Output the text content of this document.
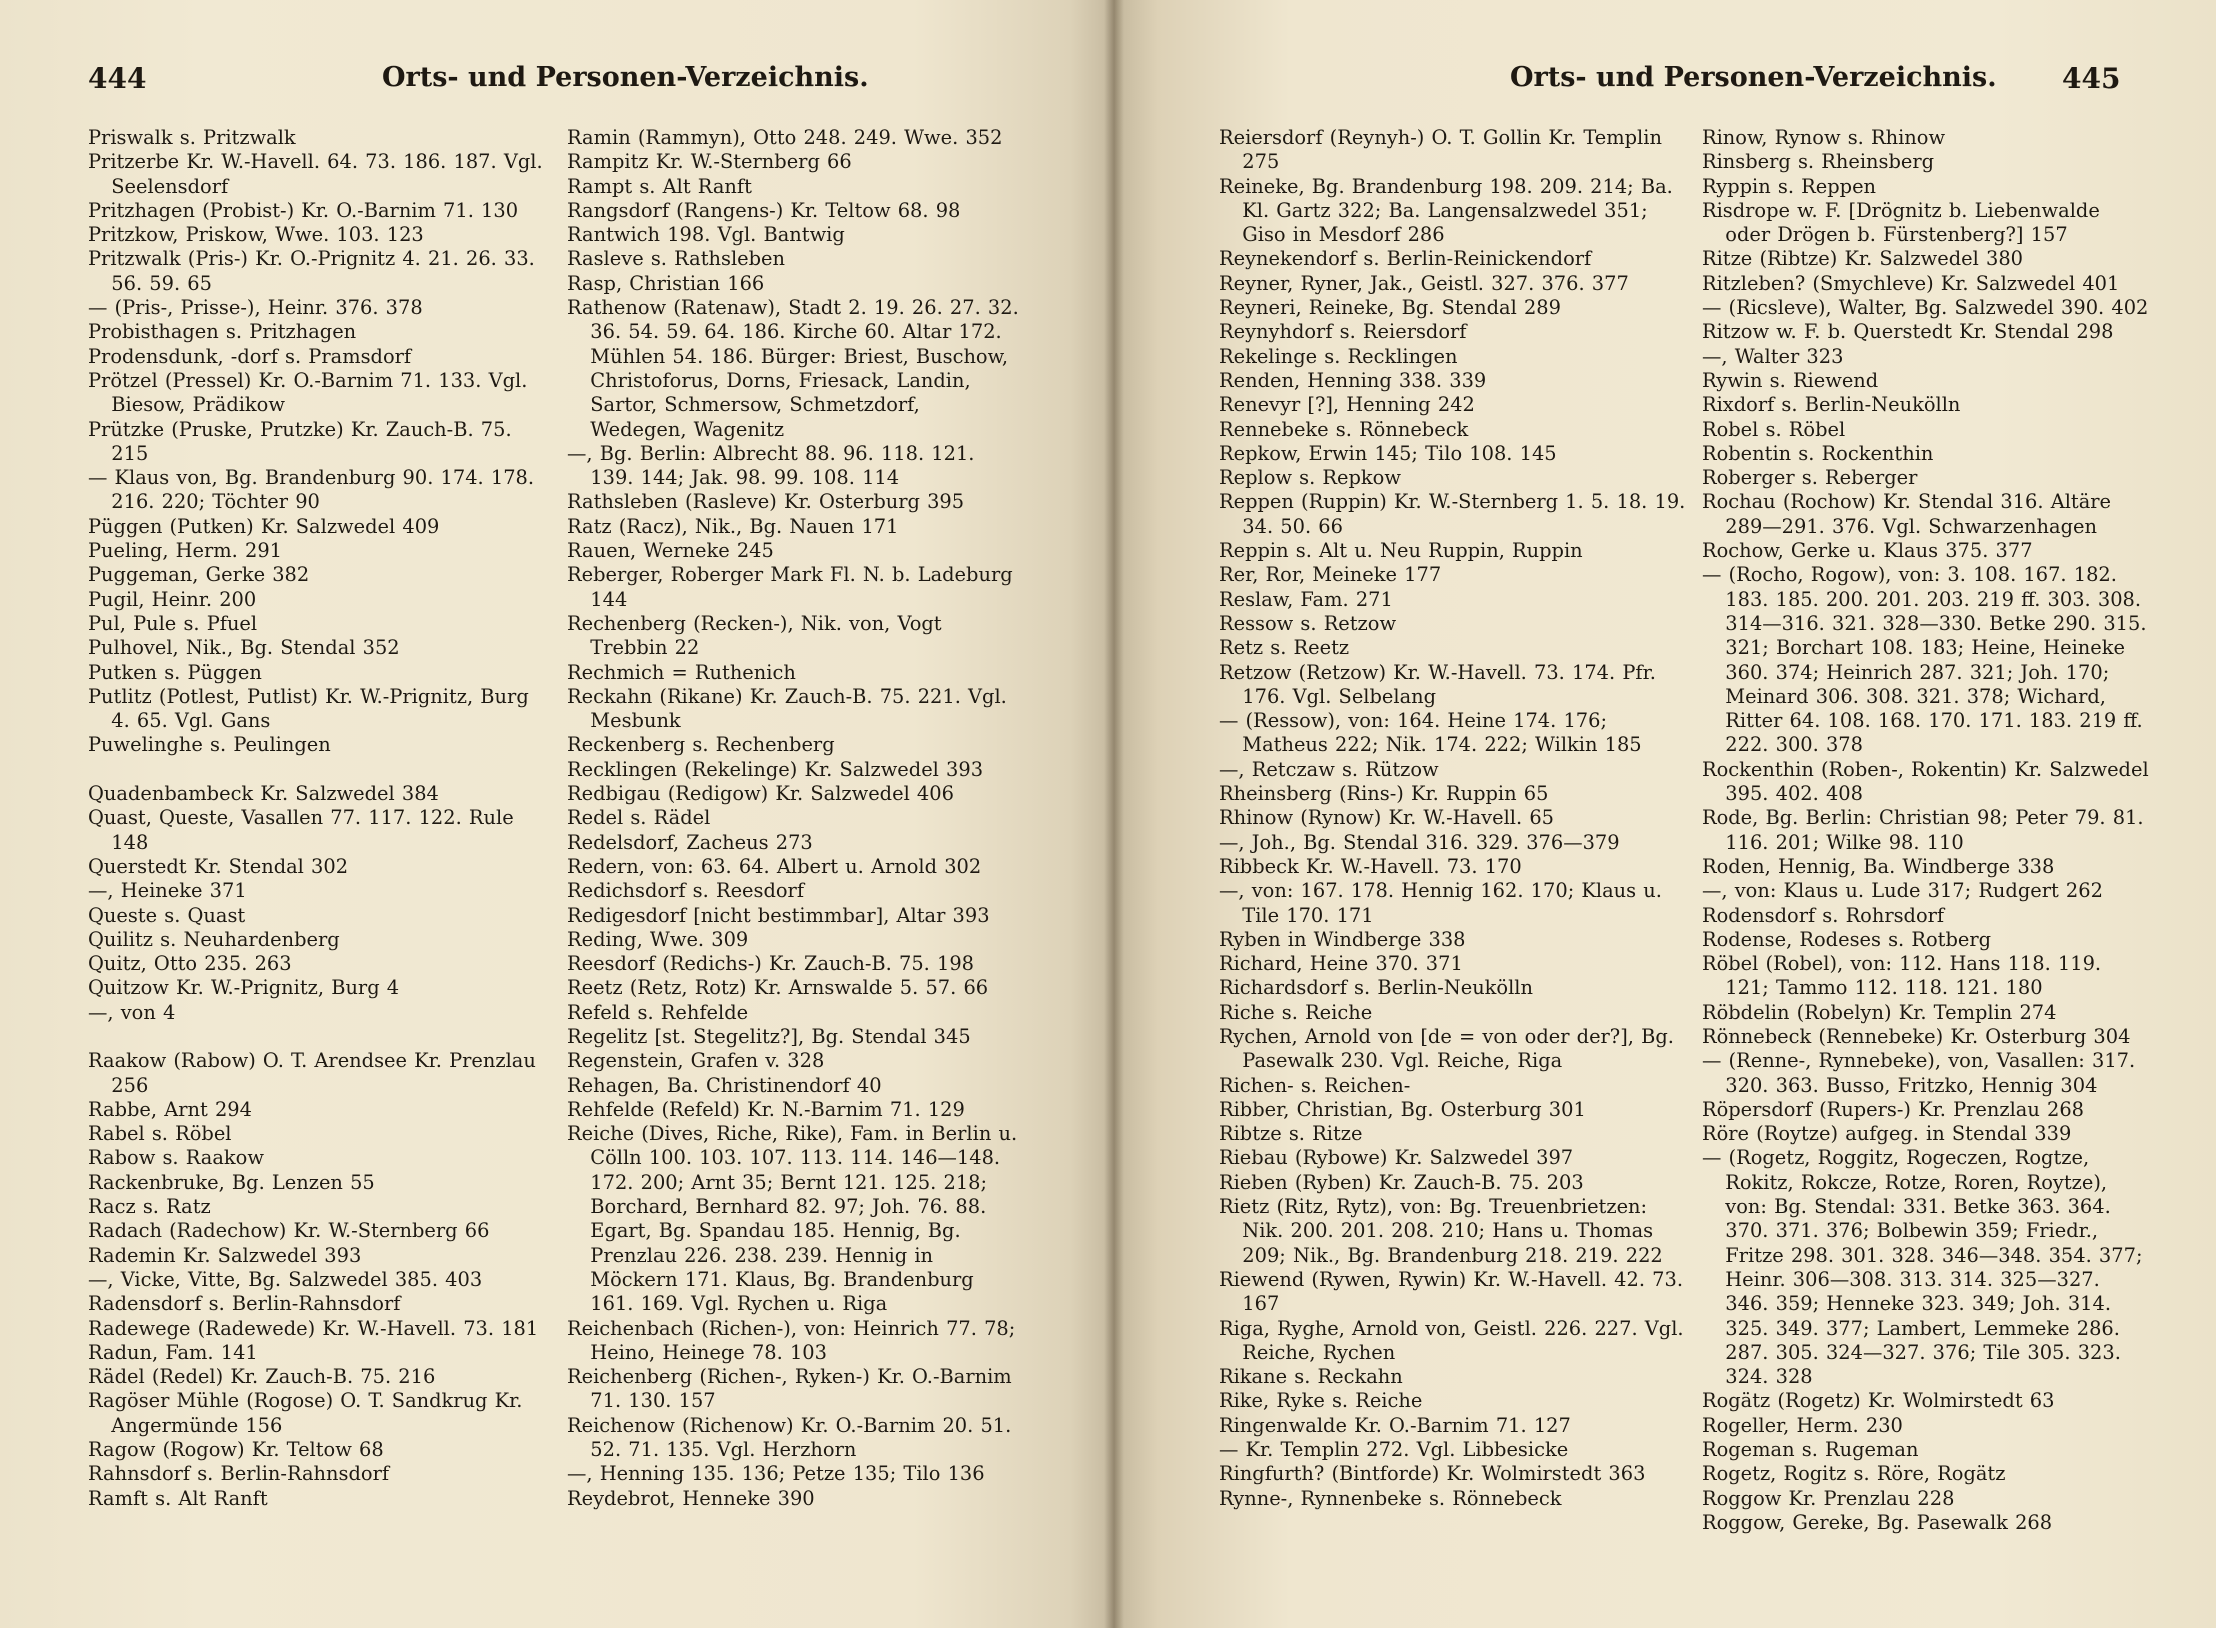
444	Orts- und Personen-Verzeichnis.
Priswalk s. Pritzwalk
Pritzerbe Kr. W.-Havell. 64. 73. 186. 187. Vgl. Seelensdorf
Pritzhagen (Probist-) Kr. O.-Barnim 71. 130
Pritzkow, Priskow, Wwe. 103. 123
Pritzwalk (Pris-) Kr. O.-Prignitz 4. 21. 26. 33. 56. 59. 65
— (Pris-, Prisse-), Heinr. 376. 378
Probisthagen s. Pritzhagen
Prodensdunk, -dorf s. Pramsdorf
Prötzel (Pressel) Kr. O.-Barnim 71. 133. Vgl. Biesow, Prädikow
Prützke (Pruske, Prutzke) Kr. Zauch-B. 75. 215
— Klaus von, Bg. Brandenburg 90. 174. 178. 216. 220; Töchter 90
Püggen (Putken) Kr. Salzwedel 409
Pueling, Herm. 291
Puggeman, Gerke 382
Pugil, Heinr. 200
Pul, Pule s. Pfuel
Pulhovel, Nik., Bg. Stendal 352
Putken s. Püggen
Putlitz (Potlest, Putlist) Kr. W.-Prignitz, Burg 4. 65. Vgl. Gans
Puwelinghe s. Peulingen
Quadenbambeck Kr. Salzwedel 384
Quast, Queste, Vasallen 77. 117. 122. Rule 148
Querstedt Kr. Stendal 302
—, Heineke 371
Queste s. Quast
Quilitz s. Neuhardenberg
Quitz, Otto 235. 263
Quitzow Kr. W.-Prignitz, Burg 4
—, von 4
Raakow (Rabow) O. T. Arendsee Kr. Prenzlau 256
Rabbe, Arnt 294
Rabel s. Röbel
Rabow s. Raakow
Rackenbruke, Bg. Lenzen 55
Racz s. Ratz
Radach (Radechow) Kr. W.-Sternberg 66
Rademin Kr. Salzwedel 393
—, Vicke, Vitte, Bg. Salzwedel 385. 403
Radensdorf s. Berlin-Rahnsdorf
Radewege (Radewede) Kr. W.-Havell. 73. 181
Radun, Fam. 141
Rädel (Redel) Kr. Zauch-B. 75. 216
Ragöser Mühle (Rogose) O. T. Sandkrug Kr. Angermünde 156
Ragow (Rogow) Kr. Teltow 68
Rahnsdorf s. Berlin-Rahnsdorf
Ramft s. Alt Ranft
Ramin (Rammyn), Otto 248. 249. Wwe. 352
Rampitz Kr. W.-Sternberg 66
Rampt s. Alt Ranft
Rangsdorf (Rangens-) Kr. Teltow 68. 98
Rantwich 198. Vgl. Bantwig
Rasleve s. Rathsleben
Rasp, Christian 166
Rathenow (Ratenaw), Stadt 2. 19. 26. 27. 32. 36. 54. 59. 64. 186. Kirche 60. Altar 172. Mühlen 54. 186. Bürger: Briest, Buschow, Christoforus, Dorns, Friesack, Landin, Sartor, Schmersow, Schmetzdorf, Wedegen, Wagenitz
—, Bg. Berlin: Albrecht 88. 96. 118. 121. 139. 144; Jak. 98. 99. 108. 114
Rathsleben (Rasleve) Kr. Osterburg 395
Ratz (Racz), Nik., Bg. Nauen 171
Rauen, Werneke 245
Reberger, Roberger Mark Fl. N. b. Ladeburg 144
Rechenberg (Recken-), Nik. von, Vogt Trebbin 22
Rechmich = Ruthenich
Reckahn (Rikane) Kr. Zauch-B. 75. 221. Vgl. Mesbunk
Reckenberg s. Rechenberg
Recklingen (Rekelinge) Kr. Salzwedel 393
Redbigau (Redigow) Kr. Salzwedel 406
Redel s. Rädel
Redelsdorf, Zacheus 273
Redern, von: 63. 64. Albert u. Arnold 302
Redichsdorf s. Reesdorf
Redigesdorf [nicht bestimmbar], Altar 393
Reding, Wwe. 309
Reesdorf (Redichs-) Kr. Zauch-B. 75. 198
Reetz (Retz, Rotz) Kr. Arnswalde 5. 57. 66
Refeld s. Rehfelde
Regelitz [st. Stegelitz?], Bg. Stendal 345
Regenstein, Grafen v. 328
Rehagen, Ba. Christinendorf 40
Rehfelde (Refeld) Kr. N.-Barnim 71. 129
Reiche (Dives, Riche, Rike), Fam. in Berlin u. Cölln 100. 103. 107. 113. 114. 146—148. 172. 200; Arnt 35; Bernt 121. 125. 218; Borchard, Bernhard 82. 97; Joh. 76. 88. Egart, Bg. Spandau 185. Hennig, Bg. Prenzlau 226. 238. 239. Hennig in Möckern 171. Klaus, Bg. Brandenburg 161. 169. Vgl. Rychen u. Riga
Reichenbach (Richen-), von: Heinrich 77. 78; Heino, Heinege 78. 103
Reichenberg (Richen-, Ryken-) Kr. O.-Barnim 71. 130. 157
Reichenow (Richenow) Kr. O.-Barnim 20. 51. 52. 71. 135. Vgl. Herzhorn
—, Henning 135. 136; Petze 135; Tilo 136
Reydebrot, Henneke 390
Orts- und Personen-Verzeichnis. 445
Reiersdorf (Reynyh-) O. T. Gollin Kr. Templin 275
Reineke, Bg. Brandenburg 198. 209. 214; Ba. Kl. Gartz 322; Ba. Langensalzwedel 351; Giso in Mesdorf 286
Reynekendorf s. Berlin-Reinickendorf
Reyner, Ryner, Jak., Geistl. 327. 376. 377
Reyneri, Reineke, Bg. Stendal 289
Reynyhdorf s. Reiersdorf
Rekelinge s. Recklingen
Renden, Henning 338. 339
Renevyr [?], Henning 242
Rennebeke s. Rönnebeck
Repkow, Erwin 145; Tilo 108. 145
Replow s. Repkow
Reppen (Ruppin) Kr. W.-Sternberg 1. 5. 18. 19. 34. 50. 66
Reppin s. Alt u. Neu Ruppin, Ruppin
Rer, Ror, Meineke 177
Reslaw, Fam. 271
Ressow s. Retzow
Retz s. Reetz
Retzow (Retzow) Kr. W.-Havell. 73. 174. Pfr. 176. Vgl. Selbelang
— (Ressow), von: 164. Heine 174. 176; Matheus 222; Nik. 174. 222; Wilkin 185
—, Retczaw s. Rützow
Rheinsberg (Rins-) Kr. Ruppin 65
Rhinow (Rynow) Kr. W.-Havell. 65
—, Joh., Bg. Stendal 316. 329. 376—379
Ribbeck Kr. W.-Havell. 73. 170
—, von: 167. 178. Hennig 162. 170; Klaus u. Tile 170. 171
Ryben in Windberge 338
Richard, Heine 370. 371
Richardsdorf s. Berlin-Neukölln
Riche s. Reiche
Rychen, Arnold von [de = von oder der?], Bg. Pasewalk 230. Vgl. Reiche, Riga
Richen- s. Reichen-
Ribber, Christian, Bg. Osterburg 301
Ribtze s. Ritze
Riebau (Rybowe) Kr. Salzwedel 397
Rieben (Ryben) Kr. Zauch-B. 75. 203
Rietz (Ritz, Rytz), von: Bg. Treuenbrietzen: Nik. 200. 201. 208. 210; Hans u. Thomas 209; Nik., Bg. Brandenburg 218. 219. 222
Riewend (Rywen, Rywin) Kr. W.-Havell. 42. 73. 167
Riga, Ryghe, Arnold von, Geistl. 226. 227. Vgl. Reiche, Rychen
Rikane s. Reckahn
Rike, Ryke s. Reiche
Ringenwalde Kr. O.-Barnim 71. 127
— Kr. Templin 272. Vgl. Libbesicke
Ringfurth? (Bintforde) Kr. Wolmirstedt 363
Rynne-, Rynnenbeke s. Rönnebeck
Rinow, Rynow s. Rhinow
Rinsberg s. Rheinsberg
Ryppin s. Reppen
Risdrope w. F. [Drögnitz b. Liebenwalde oder Drögen b. Fürstenberg?] 157
Ritze (Ribtze) Kr. Salzwedel 380
Ritzleben? (Smychleve) Kr. Salzwedel 401
— (Ricsleve), Walter, Bg. Salzwedel 390. 402
Ritzow w. F. b. Querstedt Kr. Stendal 298
—, Walter 323
Rywin s. Riewend
Rixdorf s. Berlin-Neukölln
Robel s. Röbel
Robentin s. Rockenthin
Roberger s. Reberger
Rochau (Rochow) Kr. Stendal 316. Altäre 289—291. 376. Vgl. Schwarzenhagen
Rochow, Gerke u. Klaus 375. 377
— (Rocho, Rogow), von: 3. 108. 167. 182. 183. 185. 200. 201. 203. 219 ff. 303. 308. 314—316. 321. 328—330. Betke 290. 315. 321; Borchart 108. 183; Heine, Heineke 360. 374; Heinrich 287. 321; Joh. 170; Meinard 306. 308. 321. 378; Wichard, Ritter 64. 108. 168. 170. 171. 183. 219 ff. 222. 300. 378
Rockenthin (Roben-, Rokentin) Kr. Salzwedel 395. 402. 408
Rode, Bg. Berlin: Christian 98; Peter 79. 81. 116. 201; Wilke 98. 110
Roden, Hennig, Ba. Windberge 338
—, von: Klaus u. Lude 317; Rudgert 262
Rodensdorf s. Rohrsdorf
Rodense, Rodeses s. Rotberg
Röbel (Robel), von: 112. Hans 118. 119. 121; Tammo 112. 118. 121. 180
Röbdelin (Robelyn) Kr. Templin 274
Rönnebeck (Rennebeke) Kr. Osterburg 304
— (Renne-, Rynnebeke), von, Vasallen: 317. 320. 363. Busso, Fritzko, Hennig 304
Röpersdorf (Rupers-) Kr. Prenzlau 268
Röre (Roytze) aufgeg. in Stendal 339
— (Rogetz, Roggitz, Rogeczen, Rogtze, Rokitz, Rokcze, Rotze, Roren, Roytze), von: Bg. Stendal: 331. Betke 363. 364. 370. 371. 376; Bolbewin 359; Friedr., Fritze 298. 301. 328. 346—348. 354. 377; Heinr. 306—308. 313. 314. 325—327. 346. 359; Henneke 323. 349; Joh. 314. 325. 349. 377; Lambert, Lemmeke 286. 287. 305. 324—327. 376; Tile 305. 323. 324. 328
Rogätz (Rogetz) Kr. Wolmirstedt 63
Rogeller, Herm. 230
Rogeman s. Rugeman
Rogetz, Rogitz s. Röre, Rogätz
Roggow Kr. Prenzlau 228
Roggow, Gereke, Bg. Pasewalk 268
